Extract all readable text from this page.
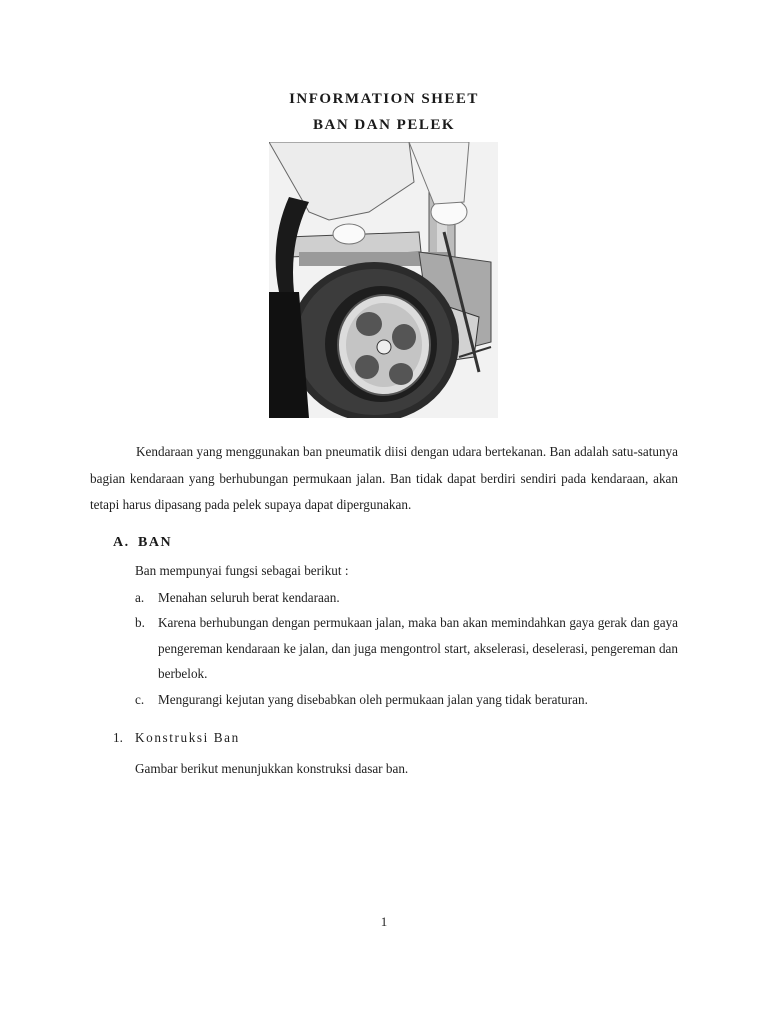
INFORMATION SHEET
BAN DAN PELEK

Kendaraan yang menggunakan ban pneumatik diisi dengan udara bertekanan. Ban adalah satu-satunya bagian kendaraan yang berhubungan permukaan jalan. Ban tidak dapat berdiri sendiri pada kendaraan, akan tetapi harus dipasang pada pelek supaya dapat dipergunakan.

A. BAN
Ban mempunyai fungsi sebagai berikut :
a. Menahan seluruh berat kendaraan.
b. Karena berhubungan dengan permukaan jalan, maka ban akan memindahkan gaya gerak dan gaya pengereman kendaraan ke jalan, dan juga mengontrol start, akselerasi, deselerasi, pengereman dan berbelok.
c. Mengurangi kejutan yang disebabkan oleh permukaan jalan yang tidak beraturan.
1. Konstruksi Ban
Gambar berikut menunjukkan konstruksi dasar ban.
1
